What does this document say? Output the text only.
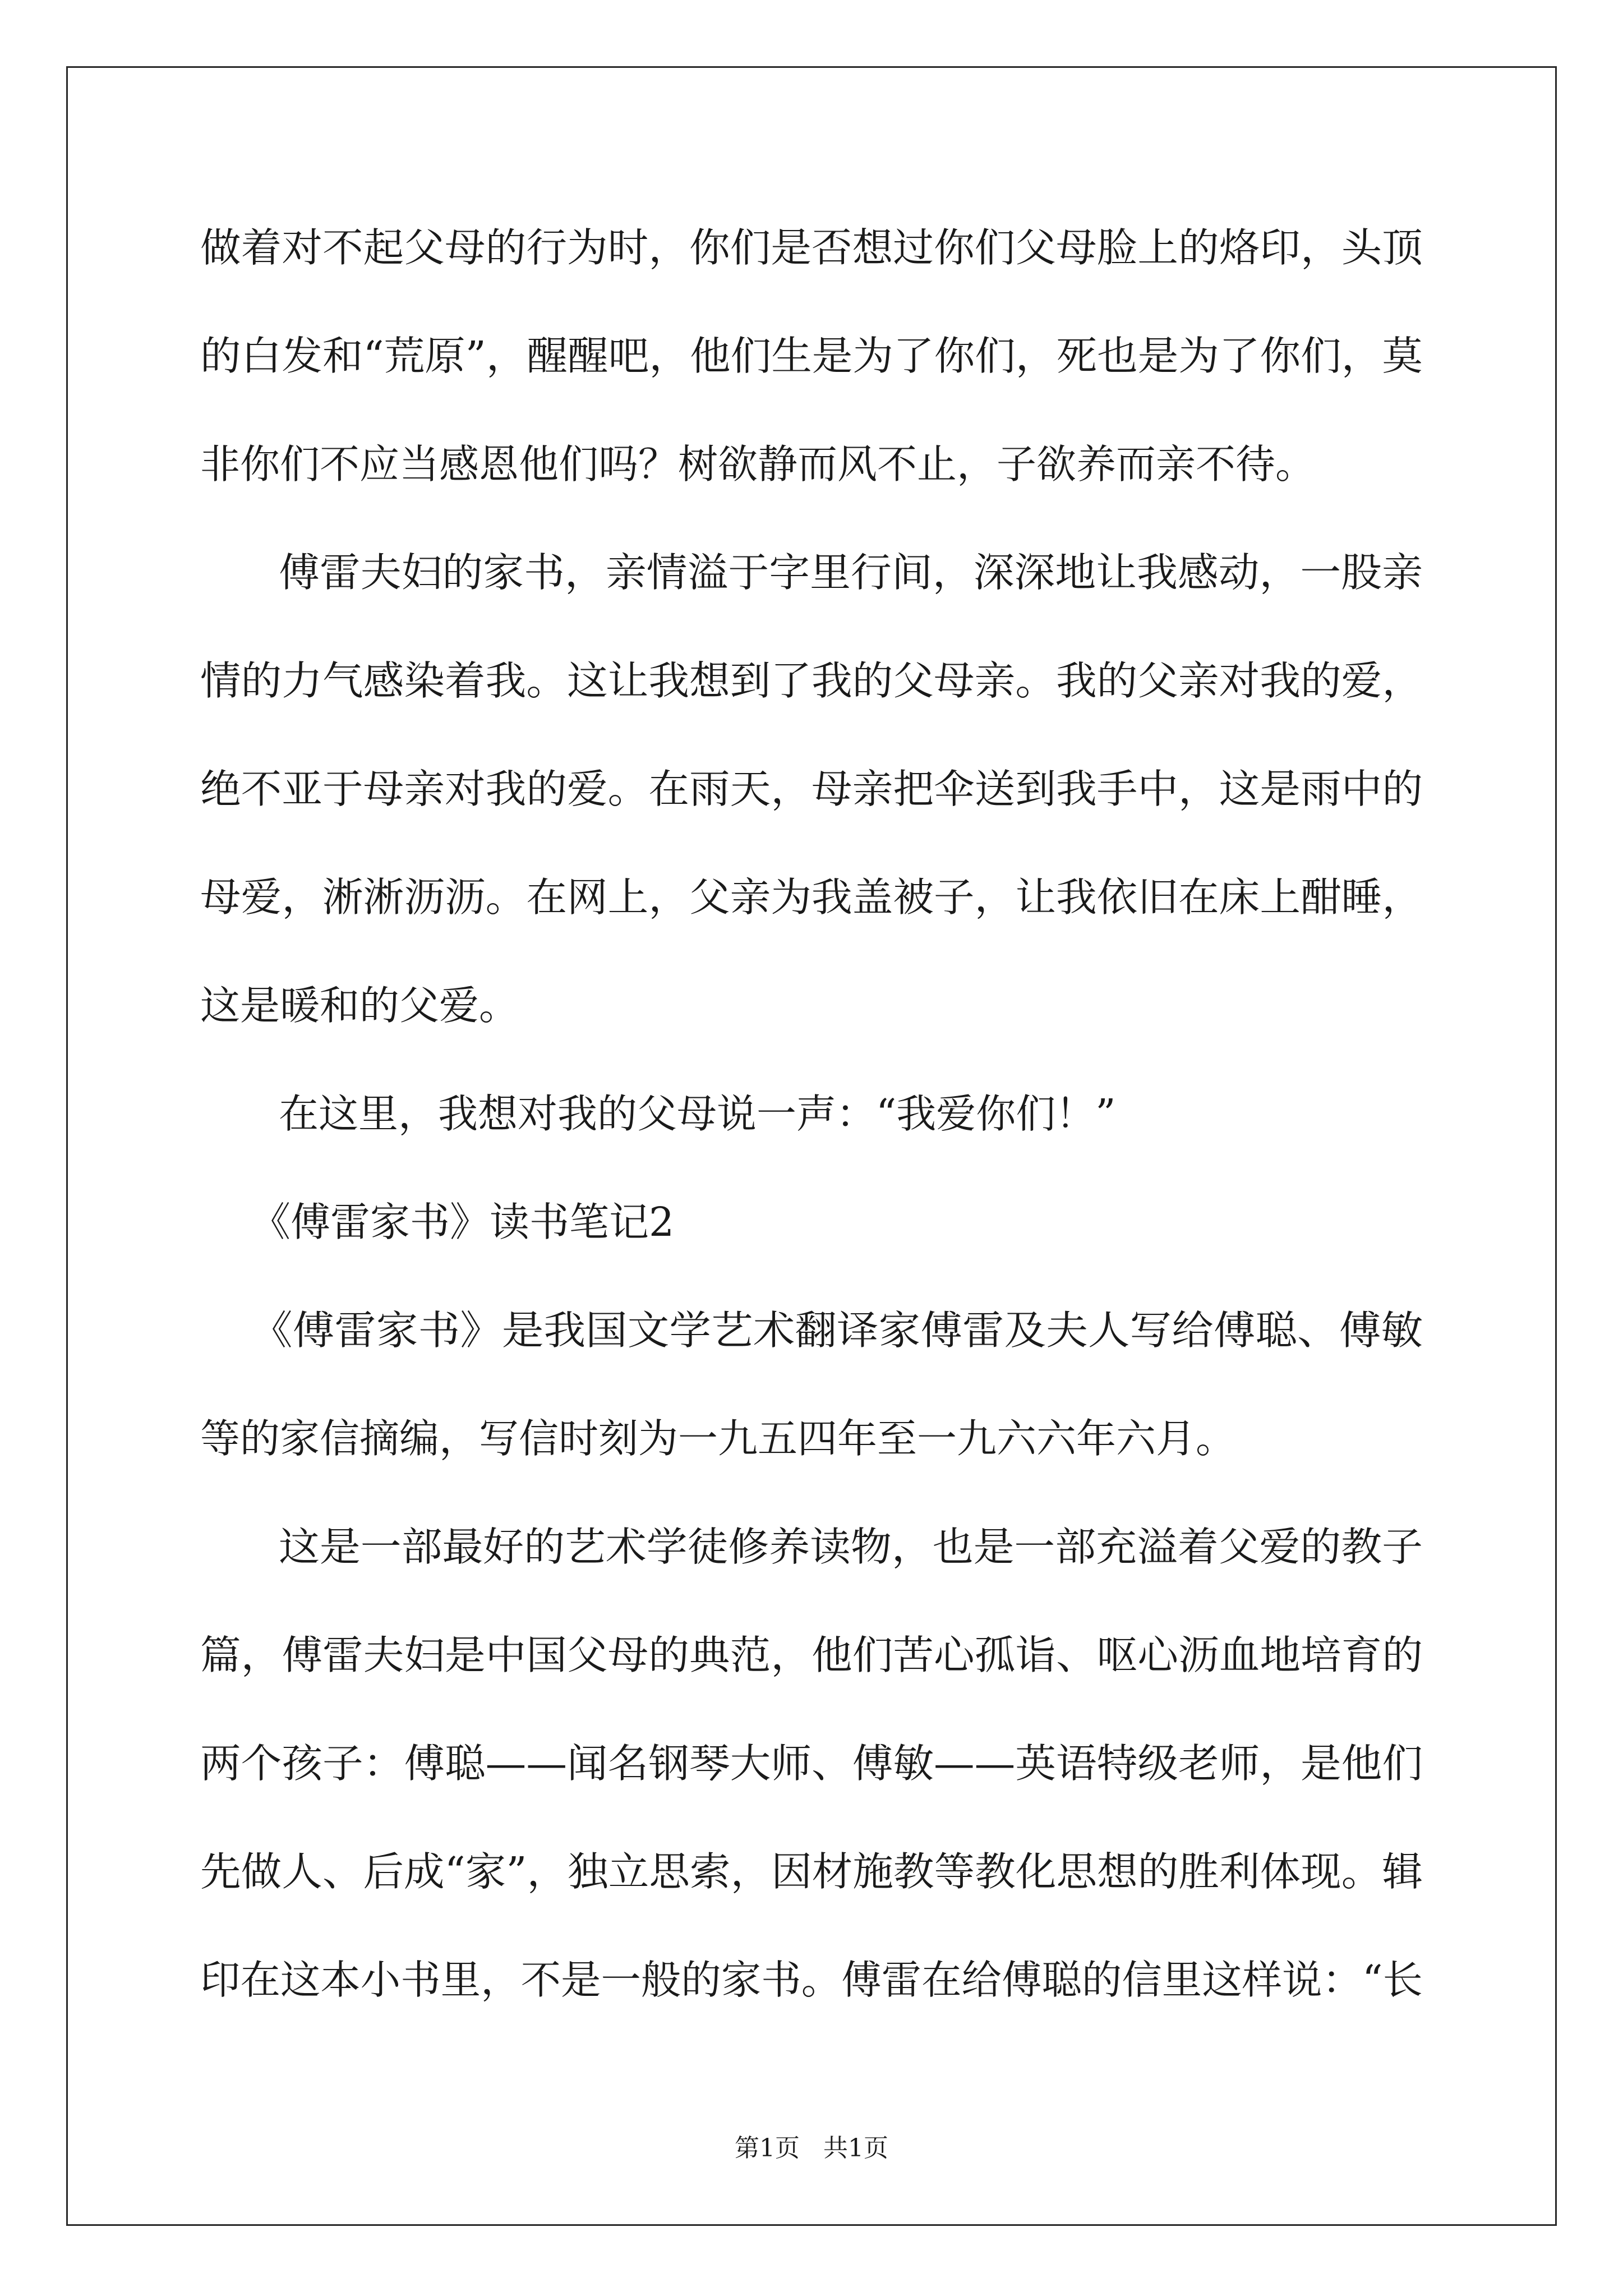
做着对不起父母的行为时，你们是否想过你们父母脸上的烙印，头顶
的白发和“荒原”，醒醒吧，他们生是为了你们，死也是为了你们，莫
非你们不应当感恩他们吗？树欲静而风不止，子欲养而亲不待。
傅雷夫妇的家书，亲情溢于字里行间，深深地让我感动，一股亲
情的力气感染着我。这让我想到了我的父母亲。我的父亲对我的爱，
绝不亚于母亲对我的爱。在雨天，母亲把伞送到我手中，这是雨中的
母爱，淅淅沥沥。在网上，父亲为我盖被子，让我依旧在床上酣睡，
这是暖和的父爱。
在这里，我想对我的父母说一声：“我爱你们！”
《傅雷家书》读书笔记2
《傅雷家书》是我国文学艺术翻译家傅雷及夫人写给傅聪、傅敏
等的家信摘编，写信时刻为一九五四年至一九六六年六月。
这是一部最好的艺术学徒修养读物，也是一部充溢着父爱的教子
篇，傅雷夫妇是中国父母的典范，他们苦心孤诣、呕心沥血地培育的
两个孩子：傅聪——闻名钢琴大师、傅敏——英语特级老师，是他们
先做人、后成“家”，独立思索，因材施教等教化思想的胜利体现。辑
印在这本小书里，不是一般的家书。傅雷在给傅聪的信里这样说：“长
第1页   共1页
